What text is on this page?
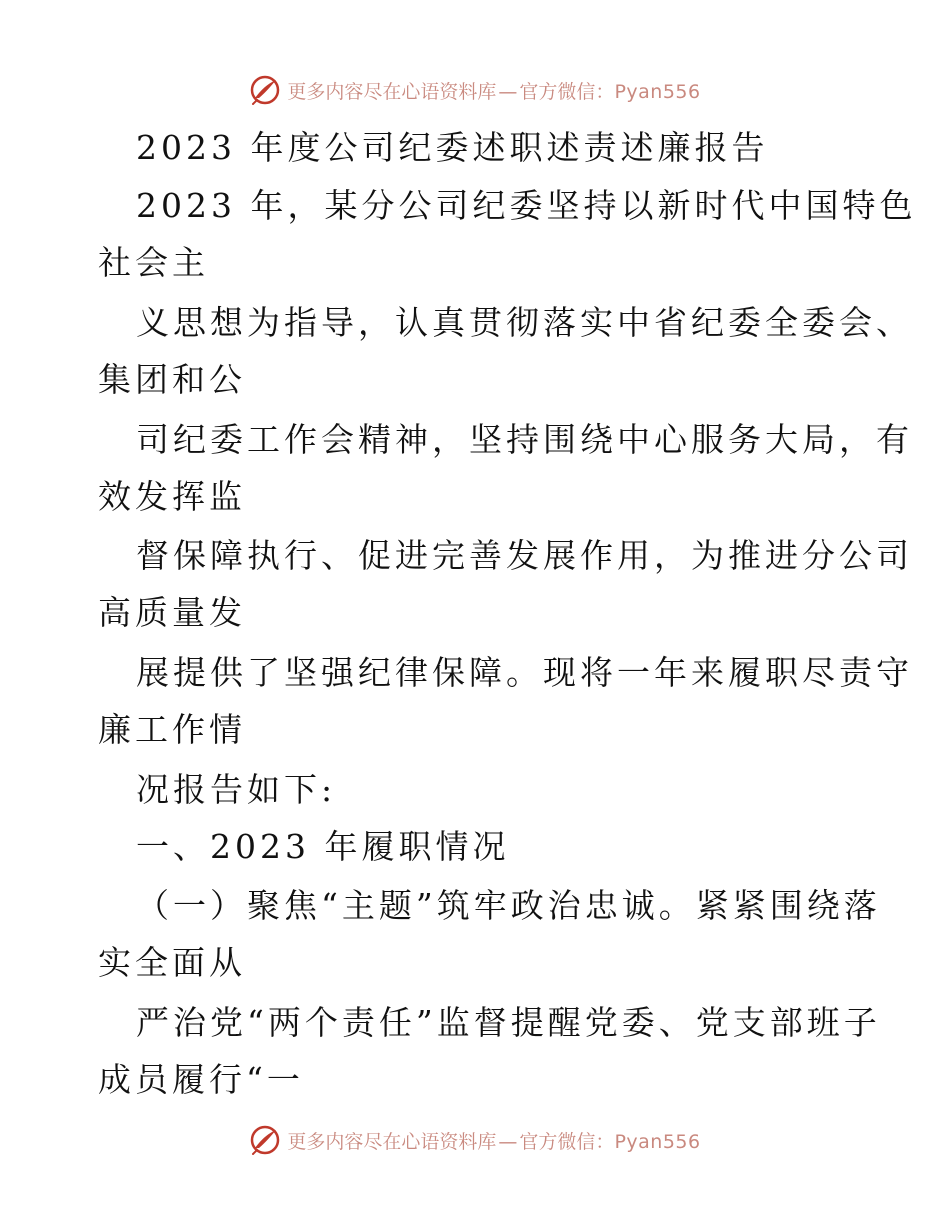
更多内容尽在心语资料库 — 官方微信：Pyan556
2023 年度公司纪委述职述责述廉报告
2023 年，某分公司纪委坚持以新时代中国特色
社会主
义思想为指导，认真贯彻落实中省纪委全委会、
集团和公
司纪委工作会精神，坚持围绕中心服务大局，有
效发挥监
督保障执行、促进完善发展作用，为推进分公司
高质量发
展提供了坚强纪律保障。现将一年来履职尽责守
廉工作情
况报告如下:
一、2023 年履职情况
（一）聚焦“主题”筑牢政治忠诚。紧紧围绕落
实全面从
严治党“两个责任”监督提醒党委、党支部班子
成员履行“一
更多内容尽在心语资料库 — 官方微信：Pyan556
